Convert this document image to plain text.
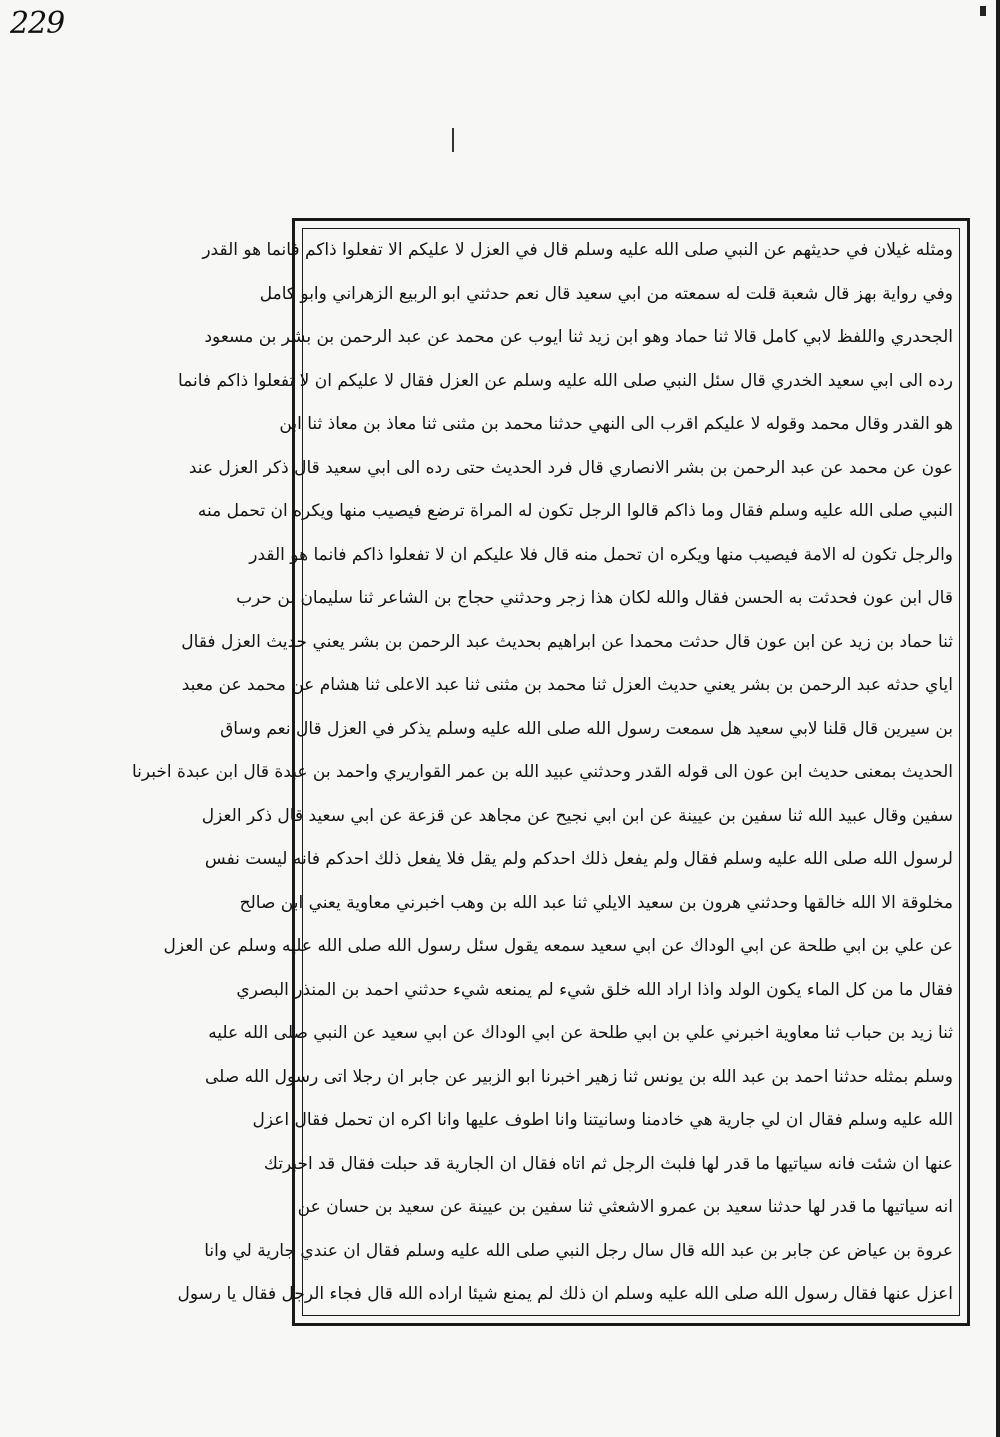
229
ومثله غيلان في حديثهم عن النبي صلى الله عليه وسلم قال في العزل لا عليكم الا تفعلوا ذاكم فانما هو القدر
وفي رواية بهز قال شعبة قلت له سمعته من ابي سعيد قال نعم حدثني ابو الربيع الزهراني وابو كامل
الجحدري واللفظ لابي كامل قالا ثنا حماد وهو ابن زيد ثنا ايوب عن محمد عن عبد الرحمن بن بشر بن مسعود
رده الى ابي سعيد الخدري قال سئل النبي صلى الله عليه وسلم عن العزل فقال لا عليكم ان لا تفعلوا ذاكم فانما
هو القدر وقال محمد وقوله لا عليكم اقرب الى النهي حدثنا محمد بن مثنى ثنا معاذ بن معاذ ثنا ابن
عون عن محمد عن عبد الرحمن بن بشر الانصاري قال فرد الحديث حتى رده الى ابي سعيد قال ذكر العزل عند
النبي صلى الله عليه وسلم فقال وما ذاكم قالوا الرجل تكون له المراة ترضع فيصيب منها ويكره ان تحمل منه
والرجل تكون له الامة فيصيب منها ويكره ان تحمل منه قال فلا عليكم ان لا تفعلوا ذاكم فانما هو القدر
قال ابن عون فحدثت به الحسن فقال والله لكان هذا زجر وحدثني حجاج بن الشاعر ثنا سليمان بن حرب
ثنا حماد بن زيد عن ابن عون قال حدثت محمدا عن ابراهيم بحديث عبد الرحمن بن بشر يعني حديث العزل فقال
اياي حدثه عبد الرحمن بن بشر يعني حديث العزل ثنا محمد بن مثنى ثنا عبد الاعلى ثنا هشام عن محمد عن معبد
بن سيرين قال قلنا لابي سعيد هل سمعت رسول الله صلى الله عليه وسلم يذكر في العزل قال نعم وساق
الحديث بمعنى حديث ابن عون الى قوله القدر وحدثني عبيد الله بن عمر القواريري واحمد بن عبدة قال ابن عبدة اخبرنا
سفين وقال عبيد الله ثنا سفين بن عيينة عن ابن ابي نجيح عن مجاهد عن قزعة عن ابي سعيد قال ذكر العزل
لرسول الله صلى الله عليه وسلم فقال ولم يفعل ذلك احدكم ولم يقل فلا يفعل ذلك احدكم فانه ليست نفس
مخلوقة الا الله خالقها وحدثني هرون بن سعيد الايلي ثنا عبد الله بن وهب اخبرني معاوية يعني ابن صالح
عن علي بن ابي طلحة عن ابي الوداك عن ابي سعيد سمعه يقول سئل رسول الله صلى الله عليه وسلم عن العزل
فقال ما من كل الماء يكون الولد واذا اراد الله خلق شيء لم يمنعه شيء حدثني احمد بن المنذر البصري
ثنا زيد بن حباب ثنا معاوية اخبرني علي بن ابي طلحة عن ابي الوداك عن ابي سعيد عن النبي صلى الله عليه
وسلم بمثله حدثنا احمد بن عبد الله بن يونس ثنا زهير اخبرنا ابو الزبير عن جابر ان رجلا اتى رسول الله صلى
الله عليه وسلم فقال ان لي جارية هي خادمنا وسانيتنا وانا اطوف عليها وانا اكره ان تحمل فقال اعزل
عنها ان شئت فانه سياتيها ما قدر لها فلبث الرجل ثم اتاه فقال ان الجارية قد حبلت فقال قد اخبرتك
انه سياتيها ما قدر لها حدثنا سعيد بن عمرو الاشعثي ثنا سفين بن عيينة عن سعيد بن حسان عن
عروة بن عياض عن جابر بن عبد الله قال سال رجل النبي صلى الله عليه وسلم فقال ان عندي جارية لي وانا
اعزل عنها فقال رسول الله صلى الله عليه وسلم ان ذلك لم يمنع شيئا اراده الله قال فجاء الرجل فقال يا رسول
